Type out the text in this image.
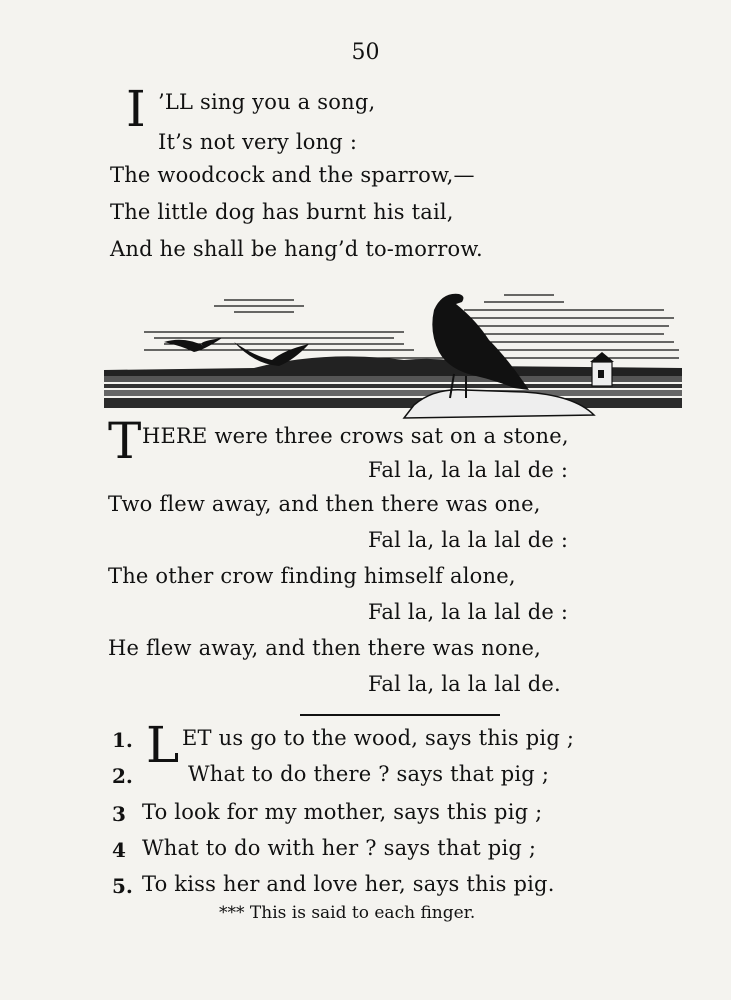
50
I ’LL sing you a song,
It’s not very long :
The woodcock and the sparrow,—
The little dog has burnt his tail,
And he shall be hang’d to-morrow.
T HERE were three crows sat on a stone,
Fal la, la la lal de :
Two flew away, and then there was one,
Fal la, la la lal de :
The other crow finding himself alone,
Fal la, la la lal de :
He flew away, and then there was none,
Fal la, la la lal de.
1.
2.
3
4
5.
L ET us go to the wood, says this pig ;
What to do there ? says that pig ;
To look for my mother, says this pig ;
What to do with her ? says that pig ;
To kiss her and love her, says this pig.
*** This is said to each finger.
